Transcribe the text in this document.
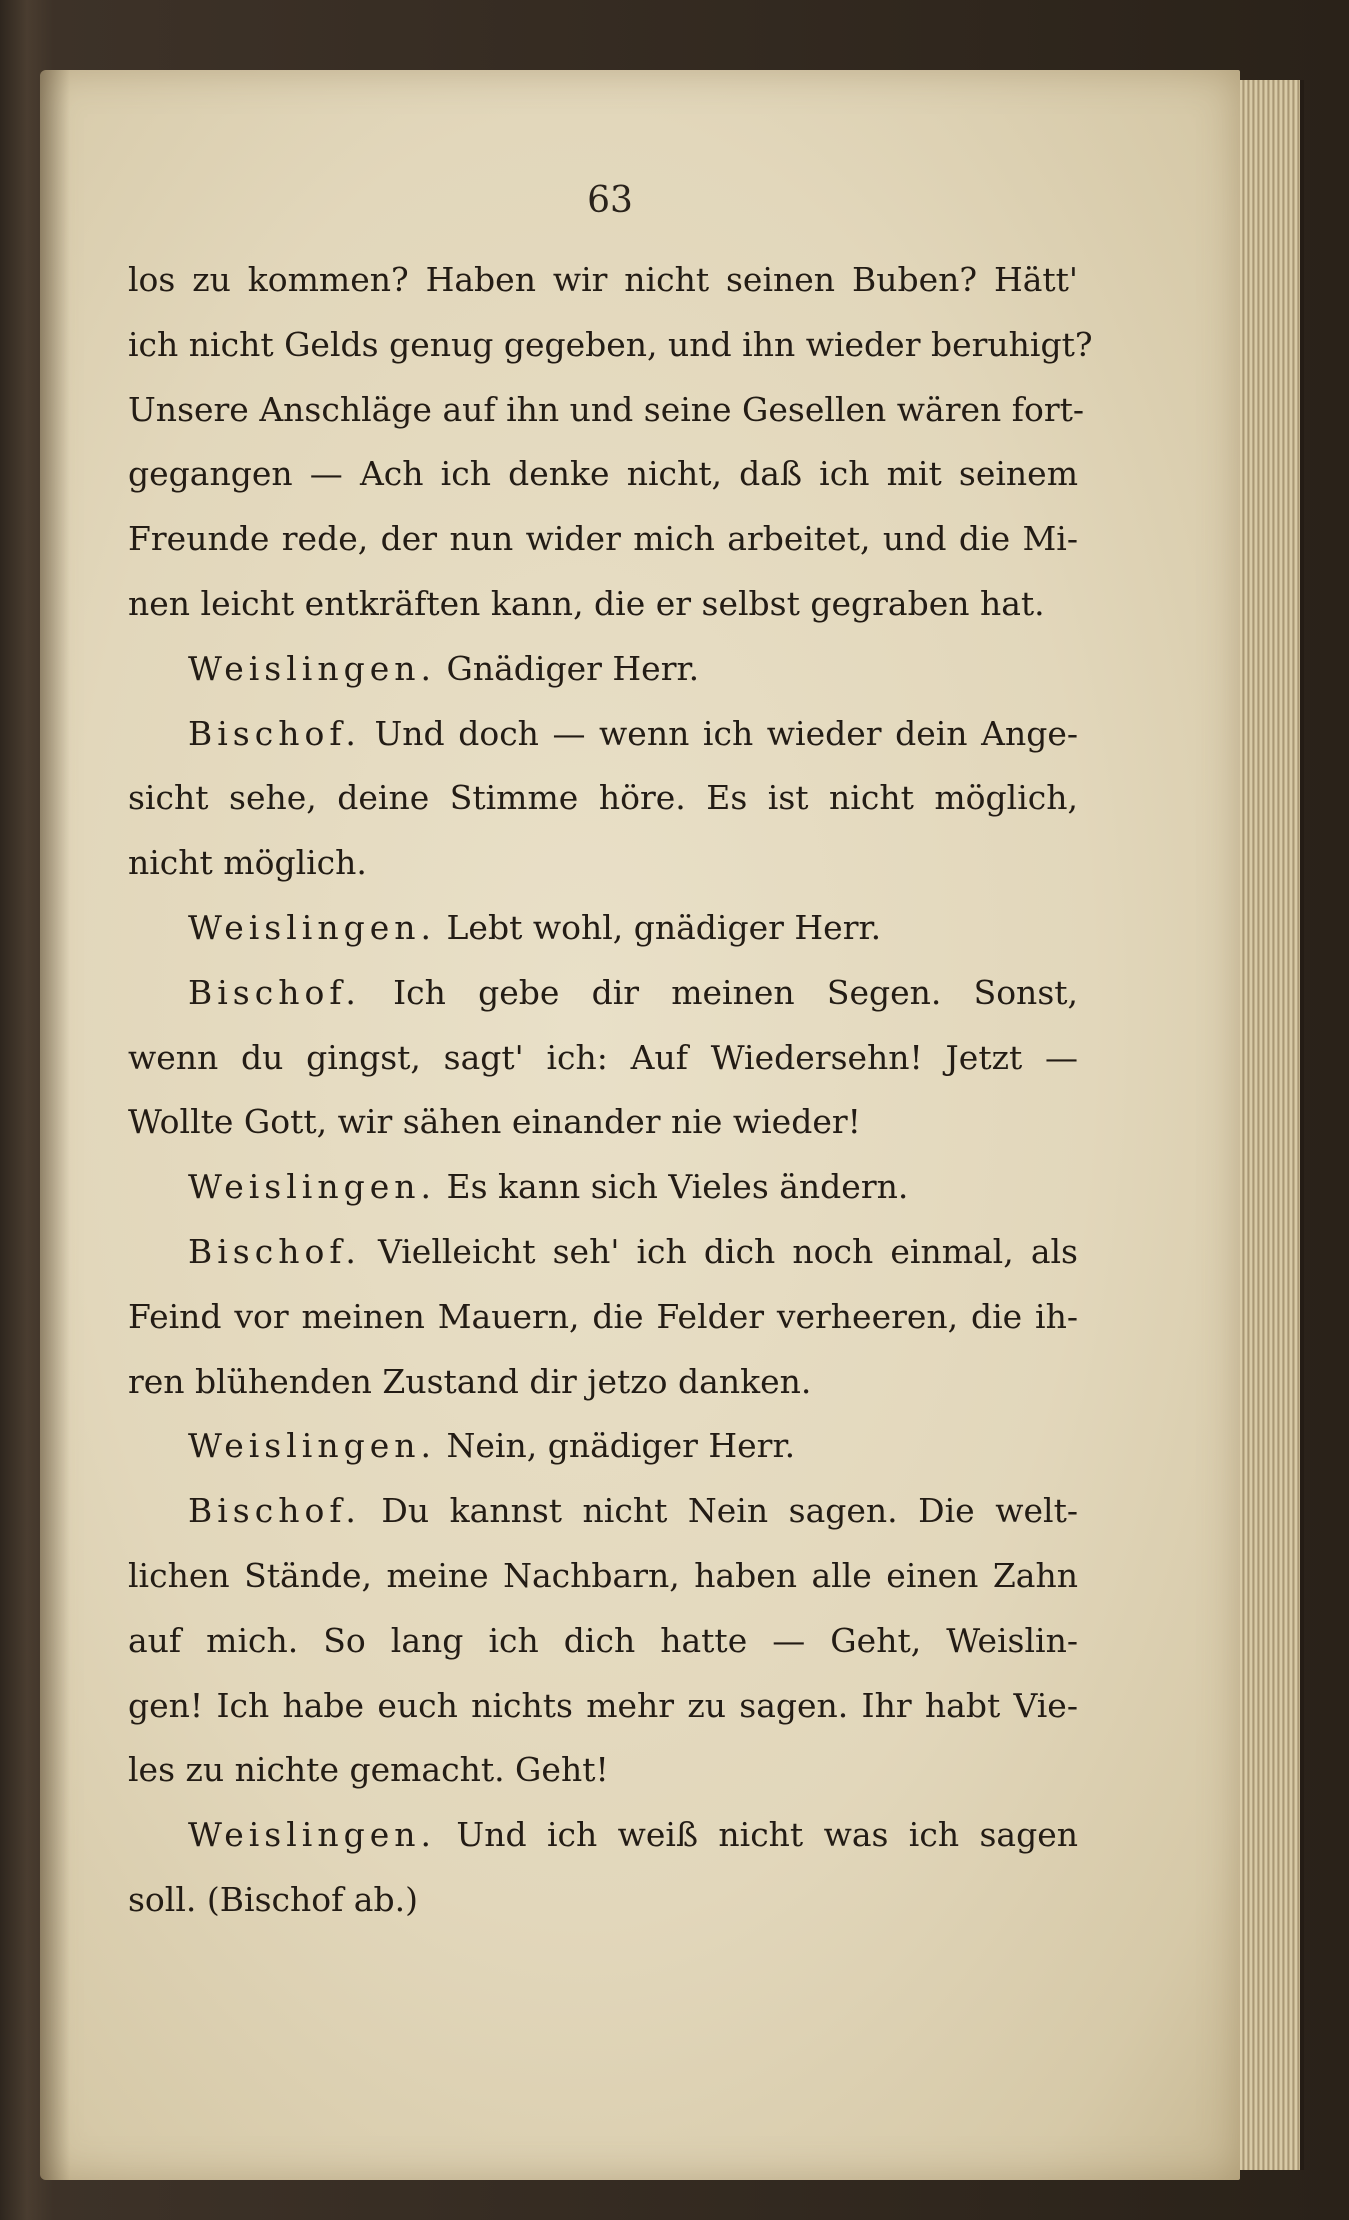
63
los zu kommen? Haben wir nicht seinen Buben? Hätt'
ich nicht Gelds genug gegeben, und ihn wieder beruhigt?
Unsere Anschläge auf ihn und seine Gesellen wären fort-
gegangen — Ach ich denke nicht, daß ich mit seinem
Freunde rede, der nun wider mich arbeitet, und die Mi-
nen leicht entkräften kann, die er selbst gegraben hat.
Weislingen. Gnädiger Herr.
Bischof. Und doch — wenn ich wieder dein Ange-
sicht sehe, deine Stimme höre. Es ist nicht möglich,
nicht möglich.
Weislingen. Lebt wohl, gnädiger Herr.
Bischof. Ich gebe dir meinen Segen. Sonst,
wenn du gingst, sagt' ich: Auf Wiedersehn! Jetzt —
Wollte Gott, wir sähen einander nie wieder!
Weislingen. Es kann sich Vieles ändern.
Bischof. Vielleicht seh' ich dich noch einmal, als
Feind vor meinen Mauern, die Felder verheeren, die ih-
ren blühenden Zustand dir jetzo danken.
Weislingen. Nein, gnädiger Herr.
Bischof. Du kannst nicht Nein sagen. Die welt-
lichen Stände, meine Nachbarn, haben alle einen Zahn
auf mich. So lang ich dich hatte — Geht, Weislin-
gen! Ich habe euch nichts mehr zu sagen. Ihr habt Vie-
les zu nichte gemacht. Geht!
Weislingen. Und ich weiß nicht was ich sagen
soll. (Bischof ab.)
